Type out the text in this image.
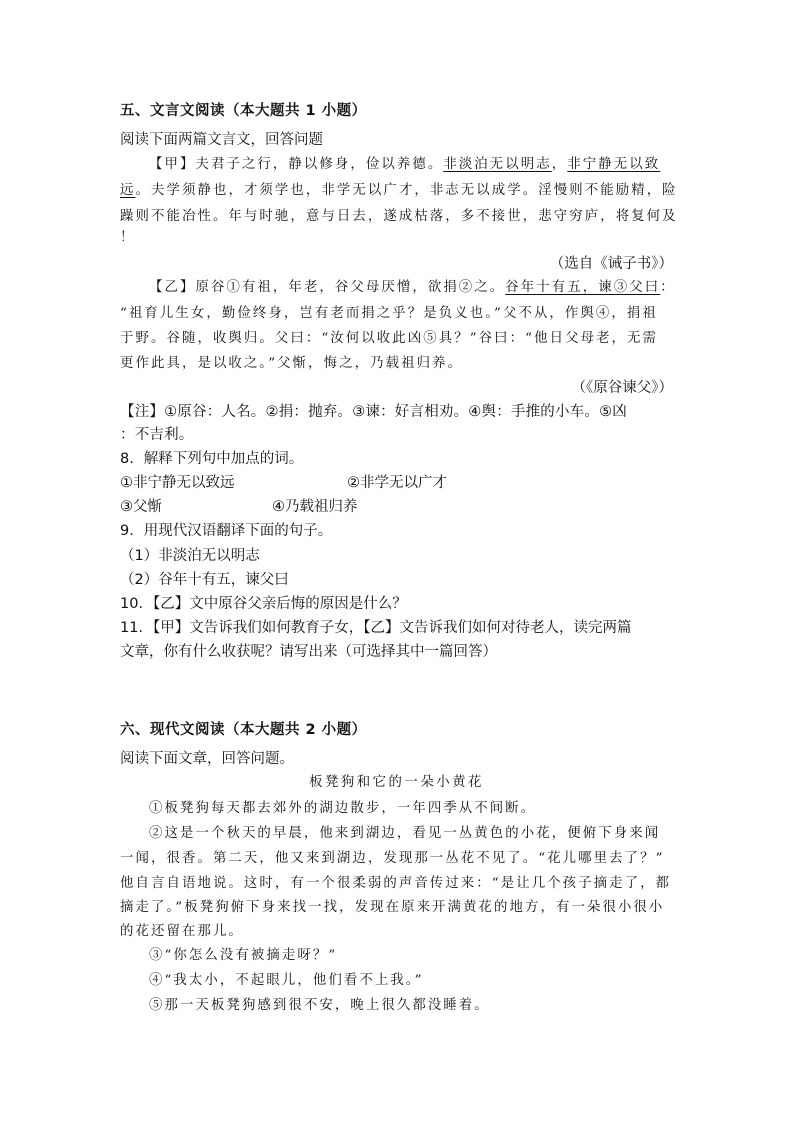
五、文言文阅读（本大题共 1 小题）
阅读下面两篇文言文，回答问题
【甲】夫君子之行，静以修身，俭以养德。非淡泊无以明志，非宁静无以致
远。夫学须静也，才须学也，非学无以广才，非志无以成学。淫慢则不能励精，险
躁则不能冶性。年与时驰，意与日去，遂成枯落，多不接世，悲守穷庐，将复何及
！
（选自《诫子书》）
【乙】原谷①有祖，年老，谷父母厌憎，欲捐②之。谷年十有五，谏③父曰：
“祖育儿生女，勤俭终身，岂有老而捐之乎？是负义也。”父不从，作舆④，捐祖
于野。谷随，收舆归。父曰：“汝何以收此凶⑤具？”谷曰：“他日父母老，无需
更作此具，是以收之。”父惭，悔之，乃载祖归养。
（《原谷谏父》）
【注】①原谷：人名。②捐：抛弃。③谏：好言相劝。④舆：手推的小车。⑤凶
：不吉利。
8．解释下列句中加点的词。
①非宁静无以致远	②非学无以广才
③父惭	④乃载祖归养
9．用现代汉语翻译下面的句子。
（1）非淡泊无以明志
（2）谷年十有五，谏父曰
10．【乙】文中原谷父亲后悔的原因是什么？
11．【甲】文告诉我们如何教育子女，【乙】文告诉我们如何对待老人，读完两篇
文章，你有什么收获呢？请写出来（可选择其中一篇回答）
六、现代文阅读（本大题共 2 小题）
阅读下面文章，回答问题。
板凳狗和它的一朵小黄花
①板凳狗每天都去郊外的湖边散步，一年四季从不间断。
②这是一个秋天的早晨，他来到湖边，看见一丛黄色的小花，便俯下身来闻
一闻，很香。第二天，他又来到湖边，发现那一丛花不见了。“花儿哪里去了？”
他自言自语地说。这时，有一个很柔弱的声音传过来：“是让几个孩子摘走了，都
摘走了。”板凳狗俯下身来找一找，发现在原来开满黄花的地方，有一朵很小很小
的花还留在那儿。
③“你怎么没有被摘走呀？”
④“我太小，不起眼儿，他们看不上我。”
⑤那一天板凳狗感到很不安，晚上很久都没睡着。
